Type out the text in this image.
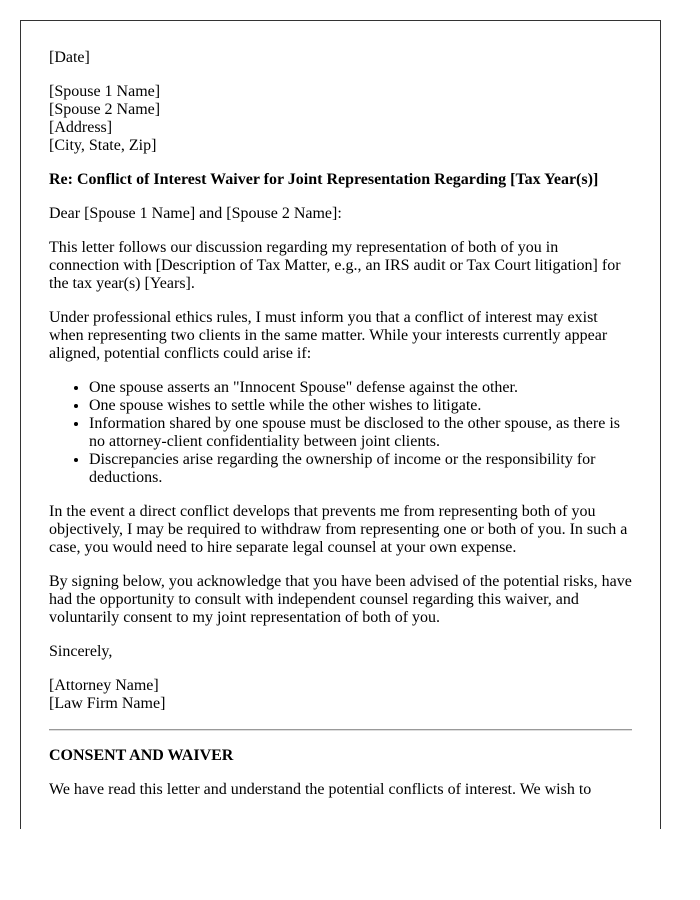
[Date]

[Spouse 1 Name]
[Spouse 2 Name]
[Address]
[City, State, Zip]

Re: Conflict of Interest Waiver for Joint Representation Regarding [Tax Year(s)]

Dear [Spouse 1 Name] and [Spouse 2 Name]:

This letter follows our discussion regarding my representation of both of you in connection with [Description of Tax Matter, e.g., an IRS audit or Tax Court litigation] for the tax year(s) [Years].

Under professional ethics rules, I must inform you that a conflict of interest may exist when representing two clients in the same matter. While your interests currently appear aligned, potential conflicts could arise if:

• One spouse asserts an "Innocent Spouse" defense against the other.
• One spouse wishes to settle while the other wishes to litigate.
• Information shared by one spouse must be disclosed to the other spouse, as there is no attorney-client confidentiality between joint clients.
• Discrepancies arise regarding the ownership of income or the responsibility for deductions.

In the event a direct conflict develops that prevents me from representing both of you objectively, I may be required to withdraw from representing one or both of you. In such a case, you would need to hire separate legal counsel at your own expense.

By signing below, you acknowledge that you have been advised of the potential risks, have had the opportunity to consult with independent counsel regarding this waiver, and voluntarily consent to my joint representation of both of you.

Sincerely,

[Attorney Name]
[Law Firm Name]

CONSENT AND WAIVER

We have read this letter and understand the potential conflicts of interest. We wish to
